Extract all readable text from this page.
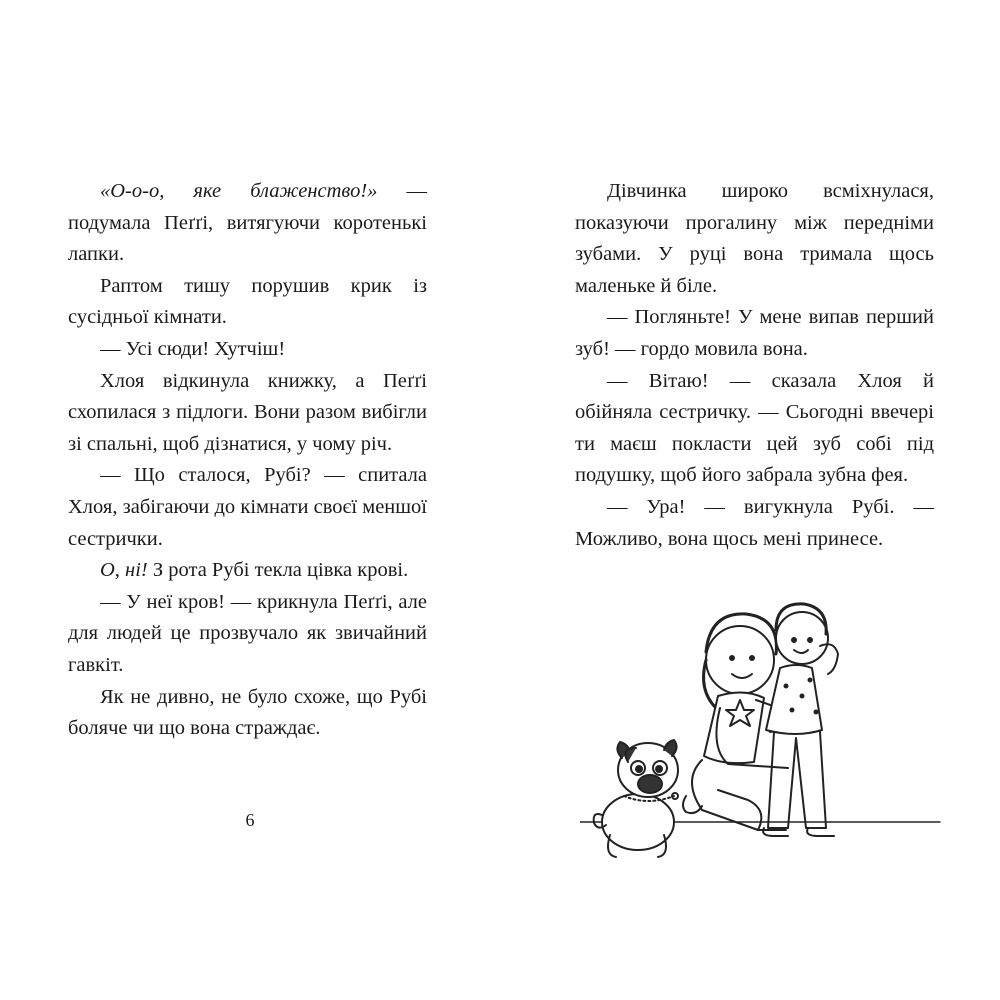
«О-о-о, яке блаженство!» — подумала Пеґґі, витягуючи коротенькі лапки.

Раптом тишу порушив крик із сусідньої кімнати.

— Усі сюди! Хутчіш!

Хлоя відкинула книжку, а Пеґґі схопилася з підлоги. Вони разом вибігли зі спальні, щоб дізнатися, у чому річ.

— Що сталося, Рубі? — спитала Хлоя, забігаючи до кімнати своєї меншої сестрички.

О, ні! З рота Рубі текла цівка крові.

— У неї кров! — крикнула Пеґґі, але для людей це прозвучало як звичайний гавкіт.

Як не дивно, не було схоже, що Рубі боляче чи що вона страждає.

6

Дівчинка широко всміхнулася, показуючи прогалину між передніми зубами. У руці вона тримала щось маленьке й біле.

— Погляньте! У мене випав перший зуб! — гордо мовила вона.

— Вітаю! — сказала Хлоя й обійняла сестричку. — Сьогодні ввечері ти маєш покласти цей зуб собі під подушку, щоб його забрала зубна фея.

— Ура! — вигукнула Рубі. — Можливо, вона щось мені принесе.
